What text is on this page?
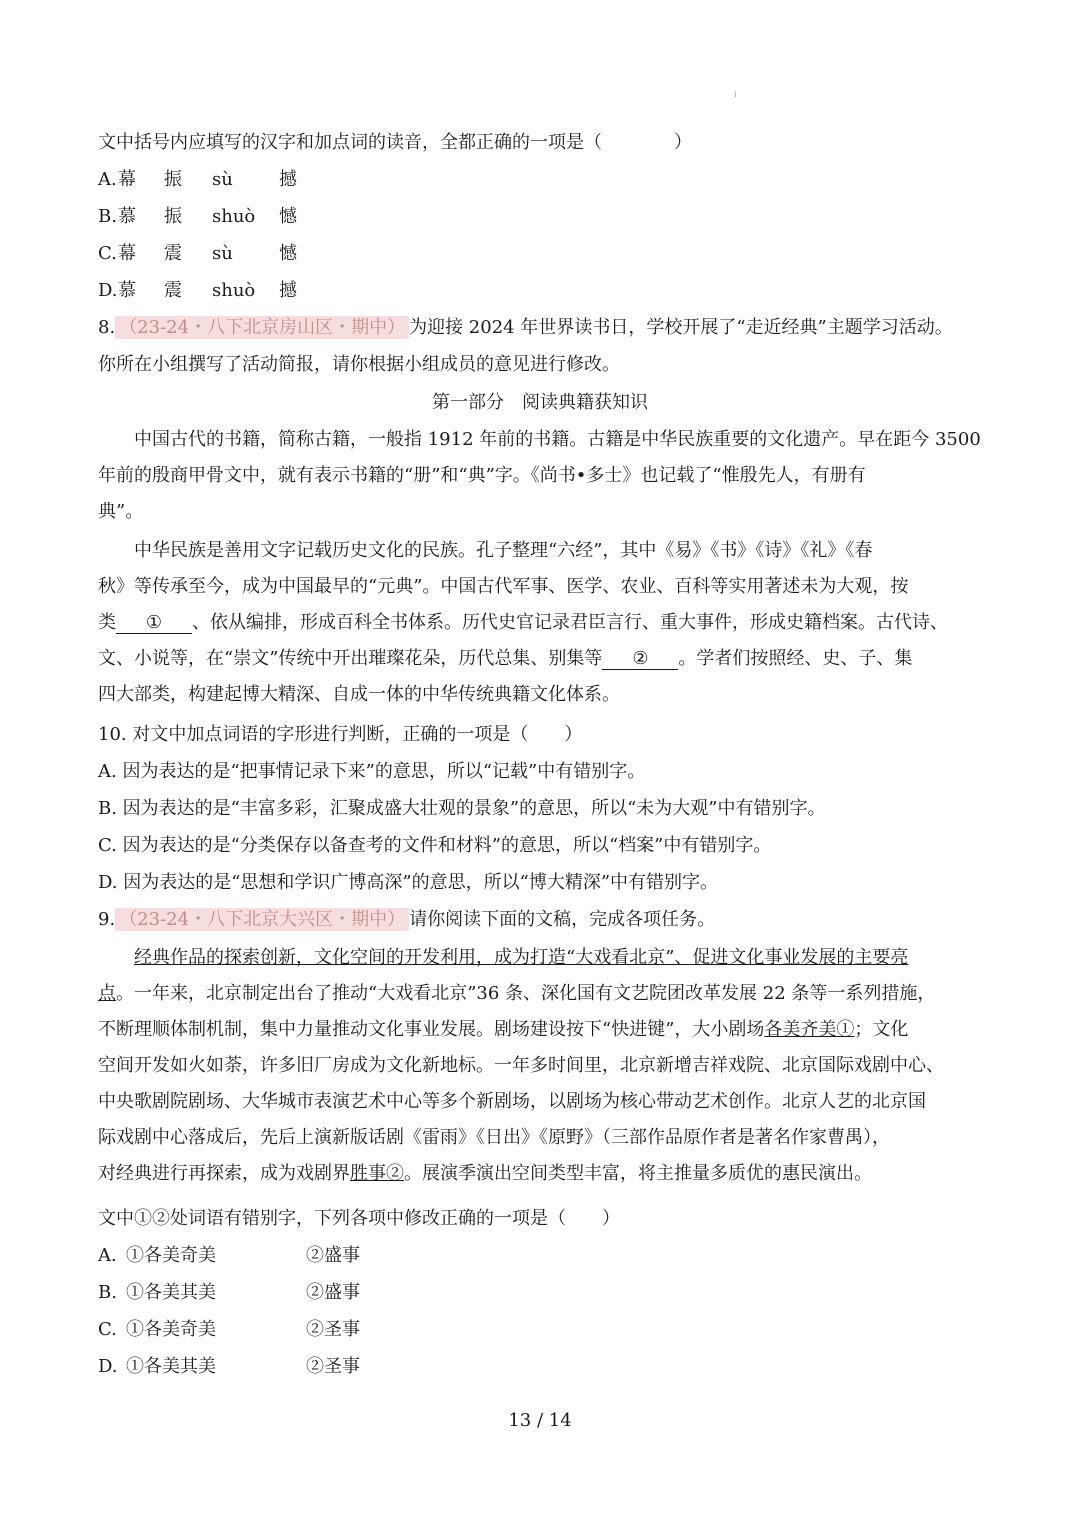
i
文中括号内应填写的汉字和加点词的读音，全都正确的一项是（　　　　）
A. 幕 振 sù	撼
B. 慕 振 shuò 憾
C. 幕 震 sù	憾
D. 慕 震 shuò 撼
8. （23-24・八下北京房山区・期中） 为迎接 2024 年世界读书日，学校开展了“走近经典”主题学习活动。
你所在小组撰写了活动简报，请你根据小组成员的意见进行修改。
第一部分　阅读典籍获知识
中国古代的书籍，简称古籍，一般指 1912 年前的书籍。古籍是中华民族重要的文化遗产。早在距今 3500
年前的殷商甲骨文中，就有表示书籍的“册”和“典”字。《尚书•多士》也记载了“惟殷先人，有册有
典”。
中华民族是善用文字记载历史文化的民族。孔子整理“六经”，其中《易》《书》《诗》《礼》《春
秋》等传承至今，成为中国最早的“元典”。中国古代军事、医学、农业、百科等实用著述未为大观，按
类 ① 、依从编排，形成百科全书体系。历代史官记录君臣言行、重大事件，形成史籍档案。古代诗、
文、小说等，在“崇文”传统中开出璀璨花朵，历代总集、别集等 ② 。学者们按照经、史、子、集
四大部类，构建起博大精深、自成一体的中华传统典籍文化体系。
10. 对文中加点词语的字形进行判断，正确的一项是（　　）
A. 因为表达的是“把事情记录下来”的意思，所以“记载”中有错别字。
B. 因为表达的是“丰富多彩，汇聚成盛大壮观的景象”的意思，所以“未为大观”中有错别字。
C. 因为表达的是“分类保存以备查考的文件和材料”的意思，所以“档案”中有错别字。
D. 因为表达的是“思想和学识广博高深”的意思，所以“博大精深”中有错别字。
9. （23-24・八下北京大兴区・期中） 请你阅读下面的文稿，完成各项任务。
经典作品的探索创新，文化空间的开发利用，成为打造“大戏看北京”、促进文化事业发展的主要亮
点。一年来，北京制定出台了推动“大戏看北京”36 条、深化国有文艺院团改革发展 22 条等一系列措施，
不断理顺体制机制，集中力量推动文化事业发展。剧场建设按下“快进键”，大小剧场各美齐美①；文化
空间开发如火如荼，许多旧厂房成为文化新地标。一年多时间里，北京新增吉祥戏院、北京国际戏剧中心、
中央歌剧院剧场、大华城市表演艺术中心等多个新剧场，以剧场为核心带动艺术创作。北京人艺的北京国
际戏剧中心落成后，先后上演新版话剧《雷雨》《日出》《原野》（三部作品原作者是著名作家曹禺），
对经典进行再探索，成为戏剧界胜事②。展演季演出空间类型丰富，将主推量多质优的惠民演出。
文中①②处词语有错别字，下列各项中修改正确的一项是（　　）
A. ①各美奇美	②盛事
B. ①各美其美	②盛事
C. ①各美奇美	②圣事
D. ①各美其美	②圣事
13 / 14
